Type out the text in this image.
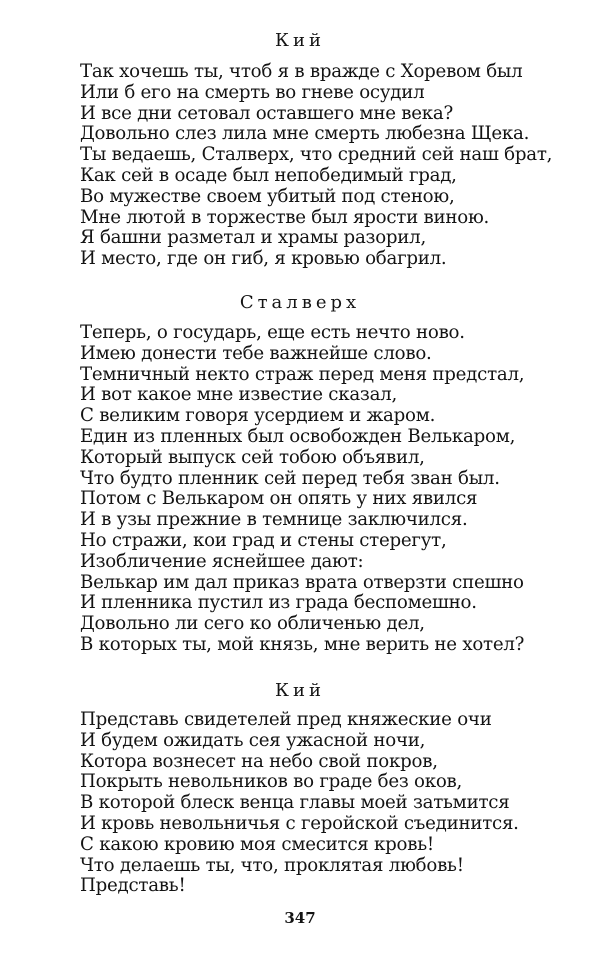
Кий
Так хочешь ты, чтоб я в вражде с Хоревом был
Или б его на смерть во гневе осудил
И все дни сетовал оставшего мне века?
Довольно слез лила мне смерть любезна Щека.
Ты ведаешь, Сталверх, что средний сей наш брат,
Как сей в осаде был непобедимый град,
Во мужестве своем убитый под стеною,
Мне лютой в торжестве был ярости виною.
Я башни разметал и храмы разорил,
И место, где он гиб, я кровью обагрил.
Сталверх
Теперь, о государь, еще есть нечто ново.
Имею донести тебе важнейше слово.
Темничный некто страж перед меня предстал,
И вот какое мне известие сказал,
С великим говоря усердием и жаром.
Един из пленных был освобожден Велькаром,
Который выпуск сей тобою объявил,
Что будто пленник сей перед тебя зван был.
Потом с Велькаром он опять у них явился
И в узы прежние в темнице заключился.
Но стражи, кои град и стены стерегут,
Изобличение яснейшее дают:
Велькар им дал приказ врата отверзти спешно
И пленника пустил из града беспомешно.
Довольно ли сего ко обличенью дел,
В которых ты, мой князь, мне верить не хотел?
Кий
Представь свидетелей пред княжеские очи
И будем ожидать сея ужасной ночи,
Котора вознесет на небо свой покров,
Покрыть невольников во граде без оков,
В которой блеск венца главы моей затьмится
И кровь невольничья с геройской съединится.
С какою кровию моя смесится кровь!
Что делаешь ты, что, проклятая любовь!
Представь!
347
